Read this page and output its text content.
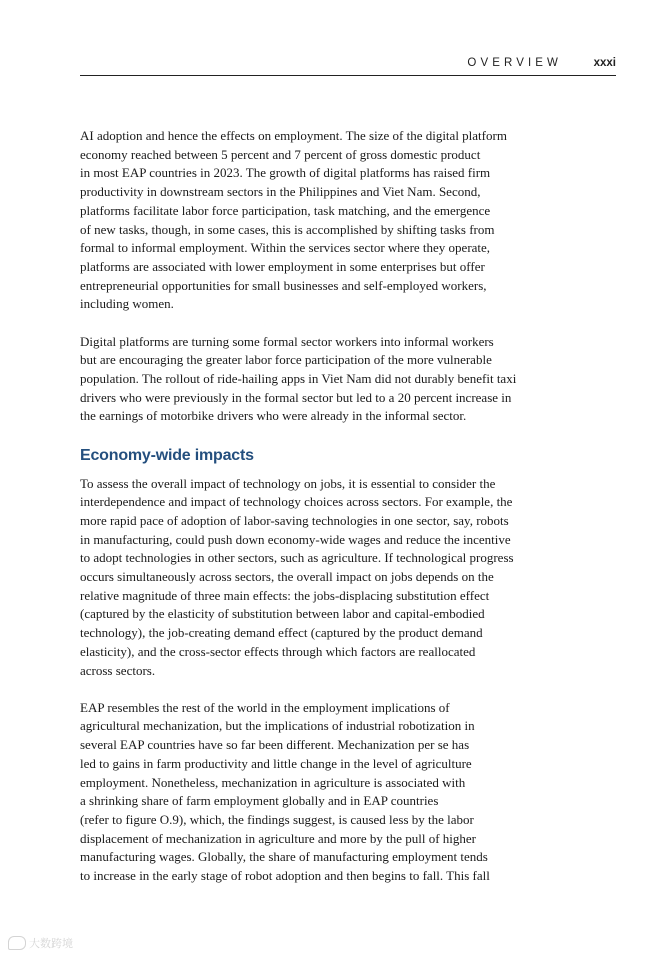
OVERVIEW	xxxi

AI adoption and hence the effects on employment. The size of the digital platform
economy reached between 5 percent and 7 percent of gross domestic product
in most EAP countries in 2023. The growth of digital platforms has raised firm
productivity in downstream sectors in the Philippines and Viet Nam. Second,
platforms facilitate labor force participation, task matching, and the emergence
of new tasks, though, in some cases, this is accomplished by shifting tasks from
formal to informal employment. Within the services sector where they operate,
platforms are associated with lower employment in some enterprises but offer
entrepreneurial opportunities for small businesses and self-employed workers,
including women.

Digital platforms are turning some formal sector workers into informal workers
but are encouraging the greater labor force participation of the more vulnerable
population. The rollout of ride-hailing apps in Viet Nam did not durably benefit taxi
drivers who were previously in the formal sector but led to a 20 percent increase in
the earnings of motorbike drivers who were already in the informal sector.

Economy-wide impacts

To assess the overall impact of technology on jobs, it is essential to consider the
interdependence and impact of technology choices across sectors. For example, the
more rapid pace of adoption of labor-saving technologies in one sector, say, robots
in manufacturing, could push down economy-wide wages and reduce the incentive
to adopt technologies in other sectors, such as agriculture. If technological progress
occurs simultaneously across sectors, the overall impact on jobs depends on the
relative magnitude of three main effects: the jobs-displacing substitution effect
(captured by the elasticity of substitution between labor and capital-embodied
technology), the job-creating demand effect (captured by the product demand
elasticity), and the cross-sector effects through which factors are reallocated
across sectors.

EAP resembles the rest of the world in the employment implications of
agricultural mechanization, but the implications of industrial robotization in
several EAP countries have so far been different. Mechanization per se has
led to gains in farm productivity and little change in the level of agriculture
employment. Nonetheless, mechanization in agriculture is associated with
a shrinking share of farm employment globally and in EAP countries
(refer to figure O.9), which, the findings suggest, is caused less by the labor
displacement of mechanization in agriculture and more by the pull of higher
manufacturing wages. Globally, the share of manufacturing employment tends
to increase in the early stage of robot adoption and then begins to fall. This fall

大数跨境
